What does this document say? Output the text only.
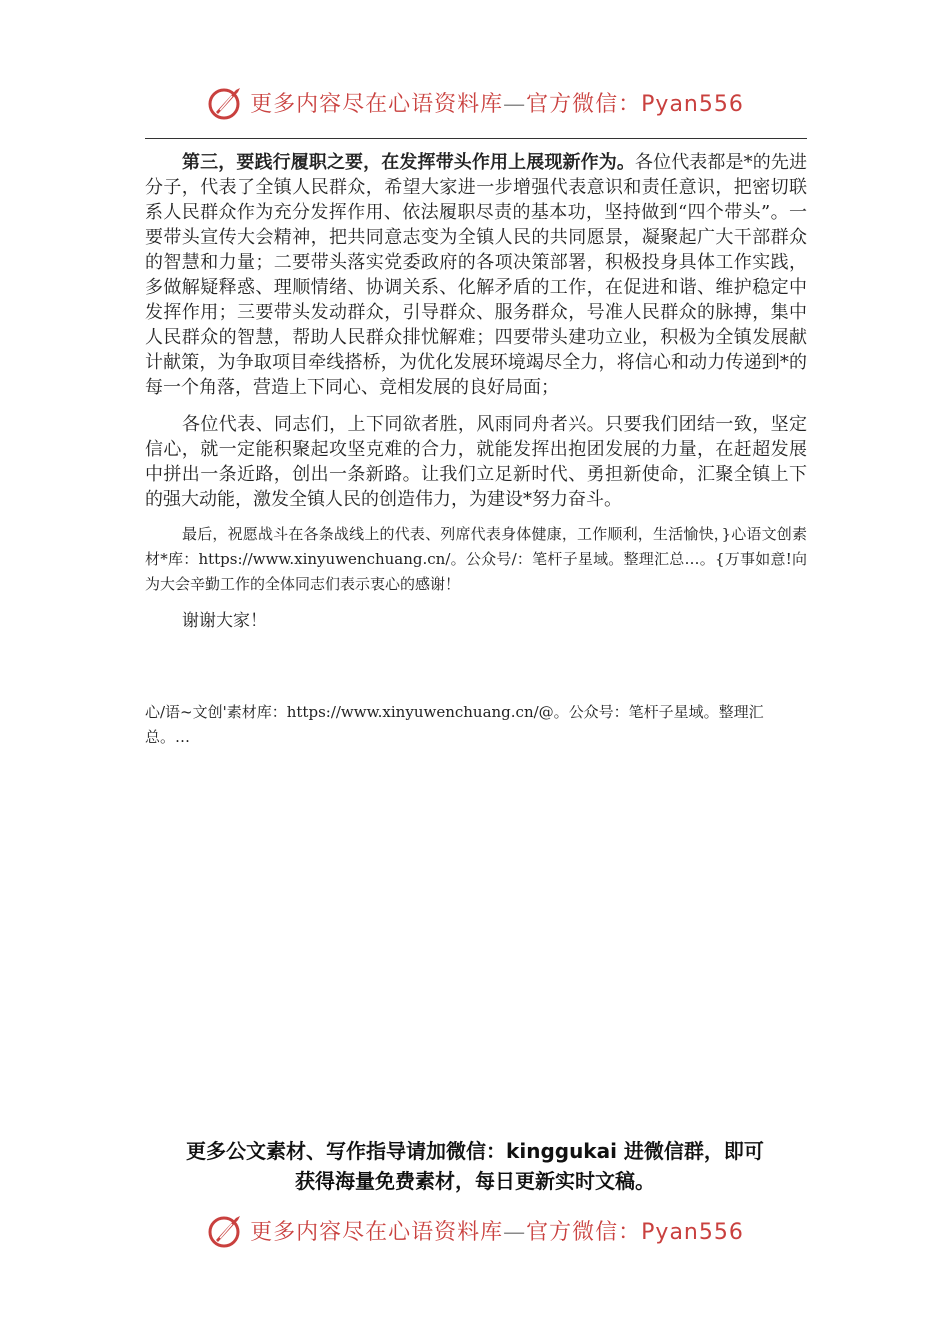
更多内容尽在心语资料库—官方微信：Pyan556

第三，要践行履职之要，在发挥带头作用上展现新作为。各位代表都是*的先进分子，代表了全镇人民群众，希望大家进一步增强代表意识和责任意识，把密切联系人民群众作为充分发挥作用、依法履职尽责的基本功，坚持做到“四个带头”。一要带头宣传大会精神，把共同意志变为全镇人民的共同愿景，凝聚起广大干部群众的智慧和力量；二要带头落实党委政府的各项决策部署，积极投身具体工作实践，多做解疑释惑、理顺情绪、协调关系、化解矛盾的工作，在促进和谐、维护稳定中发挥作用；三要带头发动群众，引导群众、服务群众，号准人民群众的脉搏，集中人民群众的智慧，帮助人民群众排忧解难；四要带头建功立业，积极为全镇发展献计献策，为争取项目牵线搭桥，为优化发展环境竭尽全力，将信心和动力传递到*的每一个角落，营造上下同心、竞相发展的良好局面；

各位代表、同志们，上下同欲者胜，风雨同舟者兴。只要我们团结一致，坚定信心，就一定能积聚起攻坚克难的合力，就能发挥出抱团发展的力量，在赶超发展中拼出一条近路，创出一条新路。让我们立足新时代、勇担新使命，汇聚全镇上下的强大动能，激发全镇人民的创造伟力，为建设*努力奋斗。

最后，祝愿战斗在各条战线上的代表、列席代表身体健康，工作顺利，生活愉快，}心语文创素材*库：https://www.xinyuwenchuang.cn/。公众号/：笔杆子星域。整理汇总…。{万事如意!向为大会辛勤工作的全体同志们表示衷心的感谢！

谢谢大家！

心/语~文创'素材库：https://www.xinyuwenchuang.cn/@。公众号：笔杆子星域。整理汇总。…
更多公文素材、写作指导请加微信：kinggukai 进微信群，即可
获得海量免费素材，每日更新实时文稿。
更多内容尽在心语资料库—官方微信：Pyan556
